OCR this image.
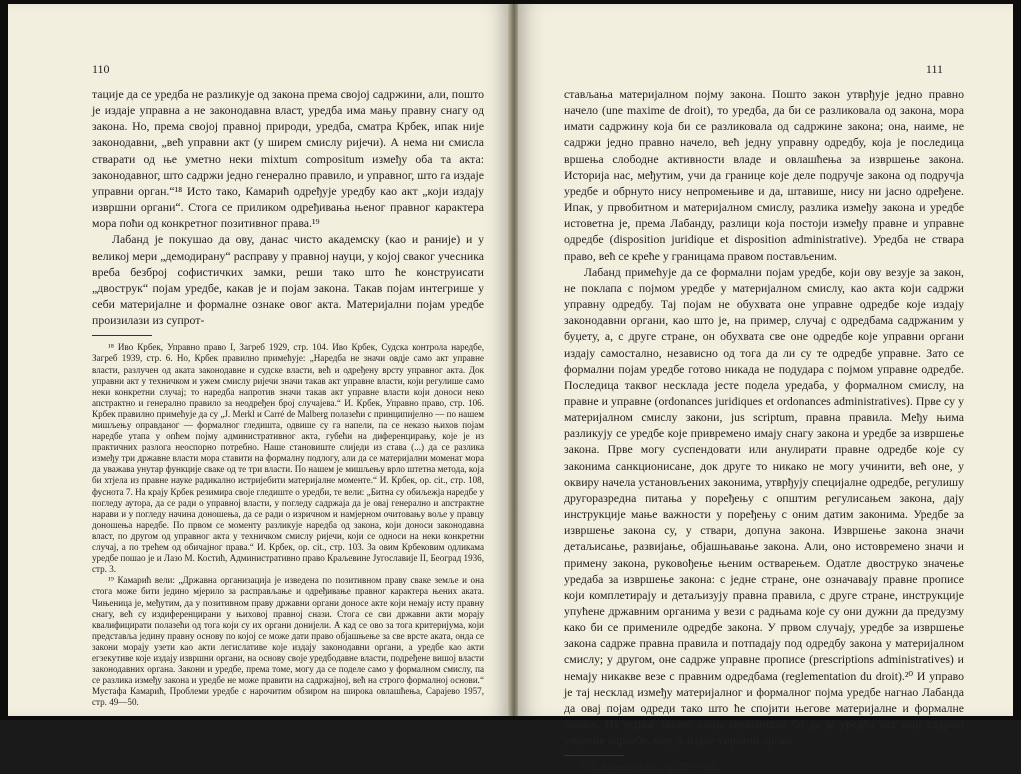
110

тације да се уредба не разликује од закона према својој садржини, али, пошто је издаје управна а не законодавна власт, уредба има мању правну снагу од закона. Но, према својој правној природи, уредба, сматра Крбек, ипак није законодавни, „већ управни акт (у ширем смислу ријечи). А нема ни смисла стварати од ње уметно неки mixtum compositum између оба та акта: законодавног, што садржи једно генерално правило, и управног, што га издаје управни орган.“¹⁸ Исто тако, Камарић одређује уредбу као акт „који издају извршни органи“. Стога се приликом одређивања њеног правног карактера мора поћи од конкретног позитивног права.¹⁹

Лабанд је покушао да ову, данас чисто академску (као и раније) и у великој мери „демодирану“ расправу у правној науци, у којој сваког учесника вреба безброј софистичких замки, реши тако што ће конструисати „двострук“ појам уредбе, какав је и појам закона. Такав појам интегрише у себи материјалне и формалне ознаке овог акта. Материјални појам уредбе произилази из супрот-

¹⁸ Иво Крбек, Управно право I, Загреб 1929, стр. 104. Иво Крбек, Судска контрола наредбе, Загреб 1939, стр. 6. Но, Крбек правилно примећује: „Наредба не значи овдје само акт управне власти, разлучен од аката законодавне и судске власти, већ и одређену врсту управног акта. Док управни акт у техничком и ужем смислу ријечи значи такав акт управне власти, који регулише само неки конкретни случај; то наредба напротив значи такав акт управне власти који доноси неко апстрактно и генерално правило за неодређен број случајева.“ И. Крбек, Управно право, стр. 106. Крбек правилно примећује да су „J. Merkl и Carré de Malberg полазећи с принципијелно — по нашем мишљењу оправданог — формалног гледишта, одвише су га напели, па се неказо њихов појам наредбе утапа у опћем појму административног акта, губећи на диференцирању, које је из практичних разлога неоспорно потребно. Наше становиште слиједи из става (...) да се разлика између три државне власти мора ставити на формалну подлогу, али да се материјални моменат мора да уважава унутар функције сваке од те три власти. По нашем је мишљењу врло штетна метода, која би хтјела из правне науке радикално истријебити материјалне моменте.“ И. Крбек, op. cit., стр. 108, фуснота 7. На крају Крбек резимира своје гледиште о уредби, те вели: „Битна су обиљежја наредбе у погледу аутора, да се ради о управној власти, у погледу садржаја да је овај генерално и апстрактне нарави и у погледу начина доношења, да се ради о изричном и намјерном очитовању воље у правцу доношења наредбе. По првом се моменту разликује наредба од закона, који доноси законодавна власт, по другом од управног акта у техничком смислу ријечи, који се односи на неки конкретни случај, а по трећем од обичајног права.“ И. Крбек, op. cit., стр. 103. За овим Крбековим одликама уредбе пошао је и Лазо М. Костић, Административно право Краљевине Југославије II, Београд 1936, стр. 3.

¹⁹ Камарић вели: „Државна организација је изведена по позитивном праву сваке земље и она стога може бити једино мјерило за расправљање и одређивање правног карактера њених аката. Чињеница је, међутим, да у позитивном праву државни органи доносе акте који немају исту правну снагу, већ су издиференцирани у њиховој правној снази. Стога се сви државни акти морају квалифицирати полазећи од тога који су их органи донијели. А кад се ово за тога критеријума, који представља једину правну основу по којој се може дати право објашњење за све врсте аката, онда се закони морају узети као акти легислативе које издају законодавни органи, а уредбе као акти егзекутиве које издају извршни органи, на основу своје уредбодавне власти, подређене вишој власти законодавних органа. Закони и уредбе, према томе, могу да се поделе само у формалном смислу, па се разлика између закона и уредбе не може правити на садржајној, већ на строго формалној основи.“ Мустафа Камарић, Проблеми уредбе с нарочитим обзиром на широка овлашћења, Сарајево 1957, стр. 49—50.

111

стављања материјалном појму закона. Пошто закон утврђује једно правно начело (une maxime de droit), то уредба, да би се разликовала од закона, мора имати садржину која би се разликовала од садржине закона; она, наиме, не садржи једно правно начело, већ једну управну одредбу, која је последица вршења слободне активности владе и овлашћења за извршење закона. Историја нас, међутим, учи да границе које деле подручје закона од подручја уредбе и обрнуто нису непромењиве и да, штавише, нису ни јасно одређене. Ипак, у првобитном и материјалном смислу, разлика између закона и уредбе истоветна је, према Лабанду, разлици која постоји између правне и управне одредбе (disposition juridique et disposition administrative). Уредба не ствара право, већ се креће у границама правом постављеним.

Лабанд примећује да се формални појам уредбе, који ову везује за закон, не поклапа с појмом уредбе у материјалном смислу, као акта који садржи управну одредбу. Тај појам не обухвата оне управне одредбе које издају законодавни органи, као што је, на пример, случај с одредбама садржаним у буџету, а, с друге стране, он обухвата све оне одредбе које управни органи издају самостално, независно од тога да ли су те одредбе управне. Зато се формални појам уредбе готово никада не подудара с појмом управне одредбе. Последица таквог нескладa јесте подела уредаба, у формалном смислу, на правне и управне (ordonances juridiques et ordonances administratives). Прве су у материјалном смислу закони, jus scriptum, правна правила. Међу њима разликују се уредбе које привремено имају снагу закона и уредбе за извршење закона. Прве могу суспендовати или анулирати правне одредбе које су законима санкционисане, док друге то никако не могу учинити, већ оне, у оквиру начела установљених законима, утврђују специјалне одредбе, регулишу другоразредна питања у поређењу с општим регулисањем закона, дају инструкције мање важности у поређењу с оним датим законима. Уредбе за извршење закона су, у ствари, допуна закона. Извршење закона значи детаљисање, развијање, објашњавање закона. Али, оно истовремено значи и примену закона, руковођење њеним остварењем. Одатле двоструко значење уредаба за извршење закона: с једне стране, оне означавају правне прописе који комплетирају и детаљизују правна правила, с друге стране, инструкције упућене државним органима у вези с радњама које су они дужни да предузму како би се примениле одредбе закона. У првом случају, уредбе за извршење закона садрже правна правила и потпадају под одредбу закона у материјалном смислу; у другом, оне садрже управне прописе (prescriptions administratives) и немају никакве везе с правним одредбама (reglementation du droit).²⁰ И управо је тај несклад између материјалног и формалног појма уредбе нагнао Лабанда да овај појам одреди тако што ће спојити његове материјалне и формалне ознаке. Из једног таквог споја произишло би да је уредба акт који садржи управне одредбе, које је издао управни орган.

²⁰ П. Лабанд, op. cit., стр. 379—383.
